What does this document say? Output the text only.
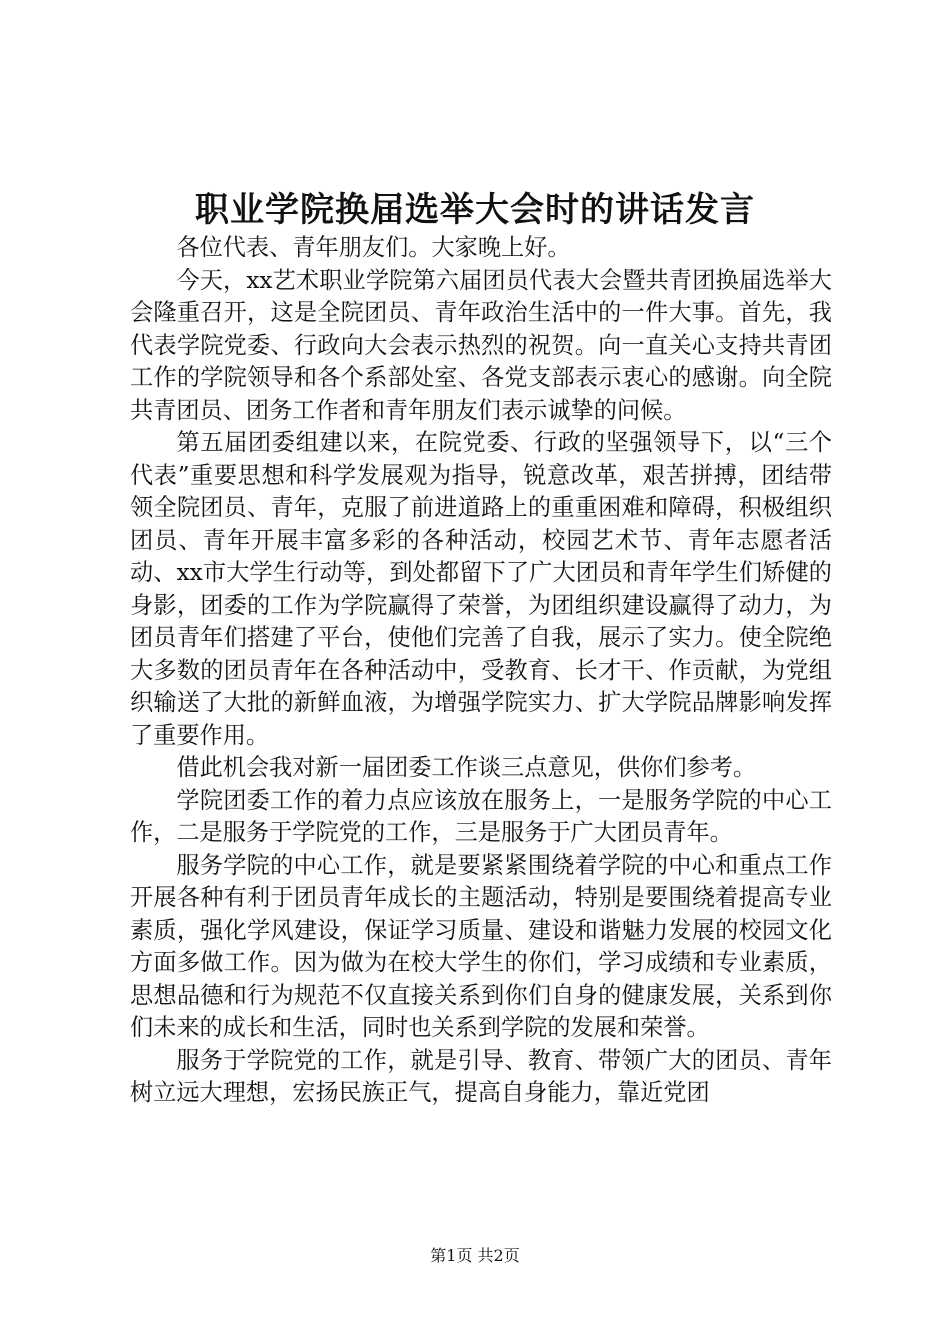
职业学院换届选举大会时的讲话发言

各位代表、青年朋友们。大家晚上好。

今天，xx艺术职业学院第六届团员代表大会暨共青团换届选举大会隆重召开，这是全院团员、青年政治生活中的一件大事。首先，我代表学院党委、行政向大会表示热烈的祝贺。向一直关心支持共青团工作的学院领导和各个系部处室、各党支部表示衷心的感谢。向全院共青团员、团务工作者和青年朋友们表示诚挚的问候。

第五届团委组建以来，在院党委、行政的坚强领导下，以“三个代表”重要思想和科学发展观为指导，锐意改革，艰苦拼搏，团结带领全院团员、青年，克服了前进道路上的重重困难和障碍，积极组织团员、青年开展丰富多彩的各种活动，校园艺术节、青年志愿者活动、xx市大学生行动等，到处都留下了广大团员和青年学生们矫健的身影，团委的工作为学院赢得了荣誉，为团组织建设赢得了动力，为团员青年们搭建了平台，使他们完善了自我，展示了实力。使全院绝大多数的团员青年在各种活动中，受教育、长才干、作贡献，为党组织输送了大批的新鲜血液，为增强学院实力、扩大学院品牌影响发挥了重要作用。

借此机会我对新一届团委工作谈三点意见，供你们参考。

学院团委工作的着力点应该放在服务上，一是服务学院的中心工作，二是服务于学院党的工作，三是服务于广大团员青年。

服务学院的中心工作，就是要紧紧围绕着学院的中心和重点工作开展各种有利于团员青年成长的主题活动，特别是要围绕着提高专业素质，强化学风建设，保证学习质量、建设和谐魅力发展的校园文化方面多做工作。因为做为在校大学生的你们，学习成绩和专业素质，思想品德和行为规范不仅直接关系到你们自身的健康发展，关系到你们未来的成长和生活，同时也关系到学院的发展和荣誉。

服务于学院党的工作，就是引导、教育、带领广大的团员、青年树立远大理想，宏扬民族正气，提高自身能力，靠近党团

第1页 共2页
